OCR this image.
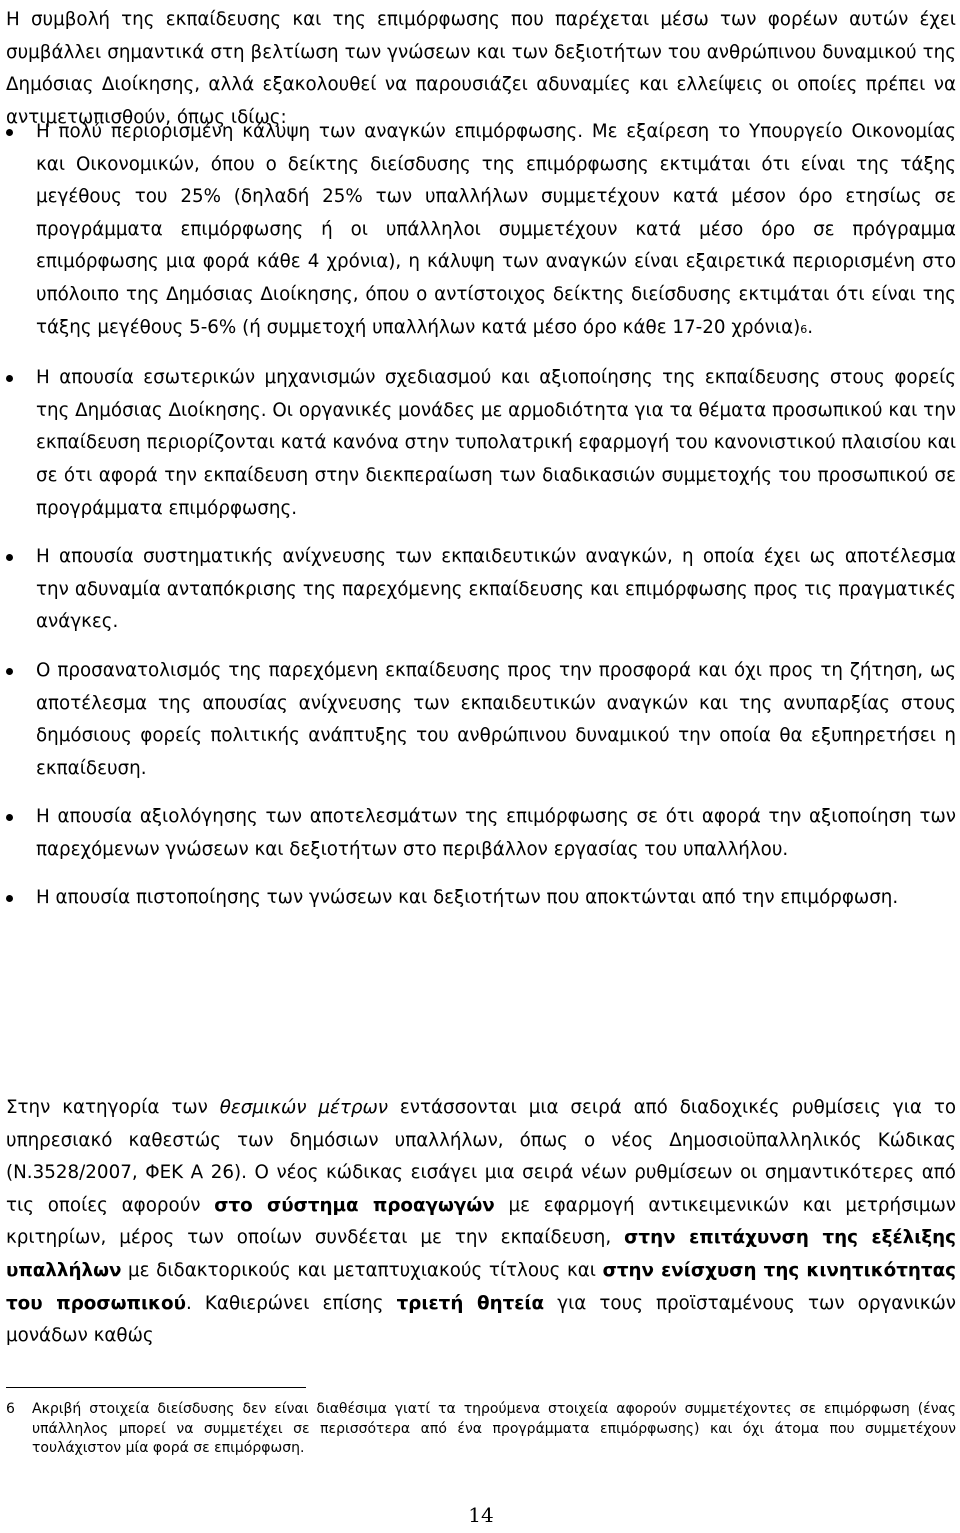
Η συμβολή της εκπαίδευσης και της επιμόρφωσης που παρέχεται μέσω των φορέων αυτών έχει συμβάλλει σημαντικά στη βελτίωση των γνώσεων και των δεξιοτήτων του ανθρώπινου δυναμικού της Δημόσιας Διοίκησης, αλλά εξακολουθεί να παρουσιάζει αδυναμίες και ελλείψεις οι οποίες πρέπει να αντιμετωπισθούν, όπως ιδίως:

Η πολύ περιορισμένη κάλυψη των αναγκών επιμόρφωσης. Με εξαίρεση το Υπουργείο Οικονομίας και Οικονομικών, όπου ο δείκτης διείσδυσης της επιμόρφωσης εκτιμάται ότι είναι της τάξης μεγέθους του 25% (δηλαδή 25% των υπαλλήλων συμμετέχουν κατά μέσον όρο ετησίως σε προγράμματα επιμόρφωσης ή οι υπάλληλοι συμμετέχουν κατά μέσο όρο σε πρόγραμμα επιμόρφωσης μια φορά κάθε 4 χρόνια), η κάλυψη των αναγκών είναι εξαιρετικά περιορισμένη στο υπόλοιπο της Δημόσιας Διοίκησης, όπου ο αντίστοιχος δείκτης διείσδυσης εκτιμάται ότι είναι της τάξης μεγέθους 5-6% (ή συμμετοχή υπαλλήλων κατά μέσο όρο κάθε 17-20 χρόνια)6.
Η απουσία εσωτερικών μηχανισμών σχεδιασμού και αξιοποίησης της εκπαίδευσης στους φορείς της Δημόσιας Διοίκησης. Οι οργανικές μονάδες με αρμοδιότητα για τα θέματα προσωπικού και την εκπαίδευση περιορίζονται κατά κανόνα στην τυπολατρική εφαρμογή του κανονιστικού πλαισίου και σε ότι αφορά την εκπαίδευση στην διεκπεραίωση των διαδικασιών συμμετοχής του προσωπικού σε προγράμματα επιμόρφωσης.
Η απουσία συστηματικής ανίχνευσης των εκπαιδευτικών αναγκών, η οποία έχει ως αποτέλεσμα την αδυναμία ανταπόκρισης της παρεχόμενης εκπαίδευσης και επιμόρφωσης προς τις πραγματικές ανάγκες.
Ο προσανατολισμός της παρεχόμενη εκπαίδευσης προς την προσφορά και όχι προς τη ζήτηση, ως αποτέλεσμα της απουσίας ανίχνευσης των εκπαιδευτικών αναγκών και της ανυπαρξίας στους δημόσιους φορείς πολιτικής ανάπτυξης του ανθρώπινου δυναμικού την οποία θα εξυπηρετήσει η εκπαίδευση.
Η απουσία αξιολόγησης των αποτελεσμάτων της επιμόρφωσης σε ότι αφορά την αξιοποίηση των παρεχόμενων γνώσεων και δεξιοτήτων στο περιβάλλον εργασίας του υπαλλήλου.
Η απουσία πιστοποίησης των γνώσεων και δεξιοτήτων που αποκτώνται από την επιμόρφωση.

Στην κατηγορία των θεσμικών μέτρων εντάσσονται μια σειρά από διαδοχικές ρυθμίσεις για το υπηρεσιακό καθεστώς των δημόσιων υπαλλήλων, όπως ο νέος Δημοσιοϋπαλληλικός Κώδικας (Ν.3528/2007, ΦΕΚ Α 26). Ο νέος κώδικας εισάγει μια σειρά νέων ρυθμίσεων οι σημαντικότερες από τις οποίες αφορούν στο σύστημα προαγωγών με εφαρμογή αντικειμενικών και μετρήσιμων κριτηρίων, μέρος των οποίων συνδέεται με την εκπαίδευση, στην επιτάχυνση της εξέλιξης υπαλλήλων με διδακτορικούς και μεταπτυχιακούς τίτλους και στην ενίσχυση της κινητικότητας του προσωπικού. Καθιερώνει επίσης τριετή θητεία για τους προϊσταμένους των οργανικών μονάδων καθώς

6	Ακριβή στοιχεία διείσδυσης δεν είναι διαθέσιμα γιατί τα τηρούμενα στοιχεία αφορούν συμμετέχοντες σε επιμόρφωση (ένας υπάλληλος μπορεί να συμμετέχει σε περισσότερα από ένα προγράμματα επιμόρφωσης) και όχι άτομα που συμμετέχουν τουλάχιστον μία φορά σε επιμόρφωση.
14
